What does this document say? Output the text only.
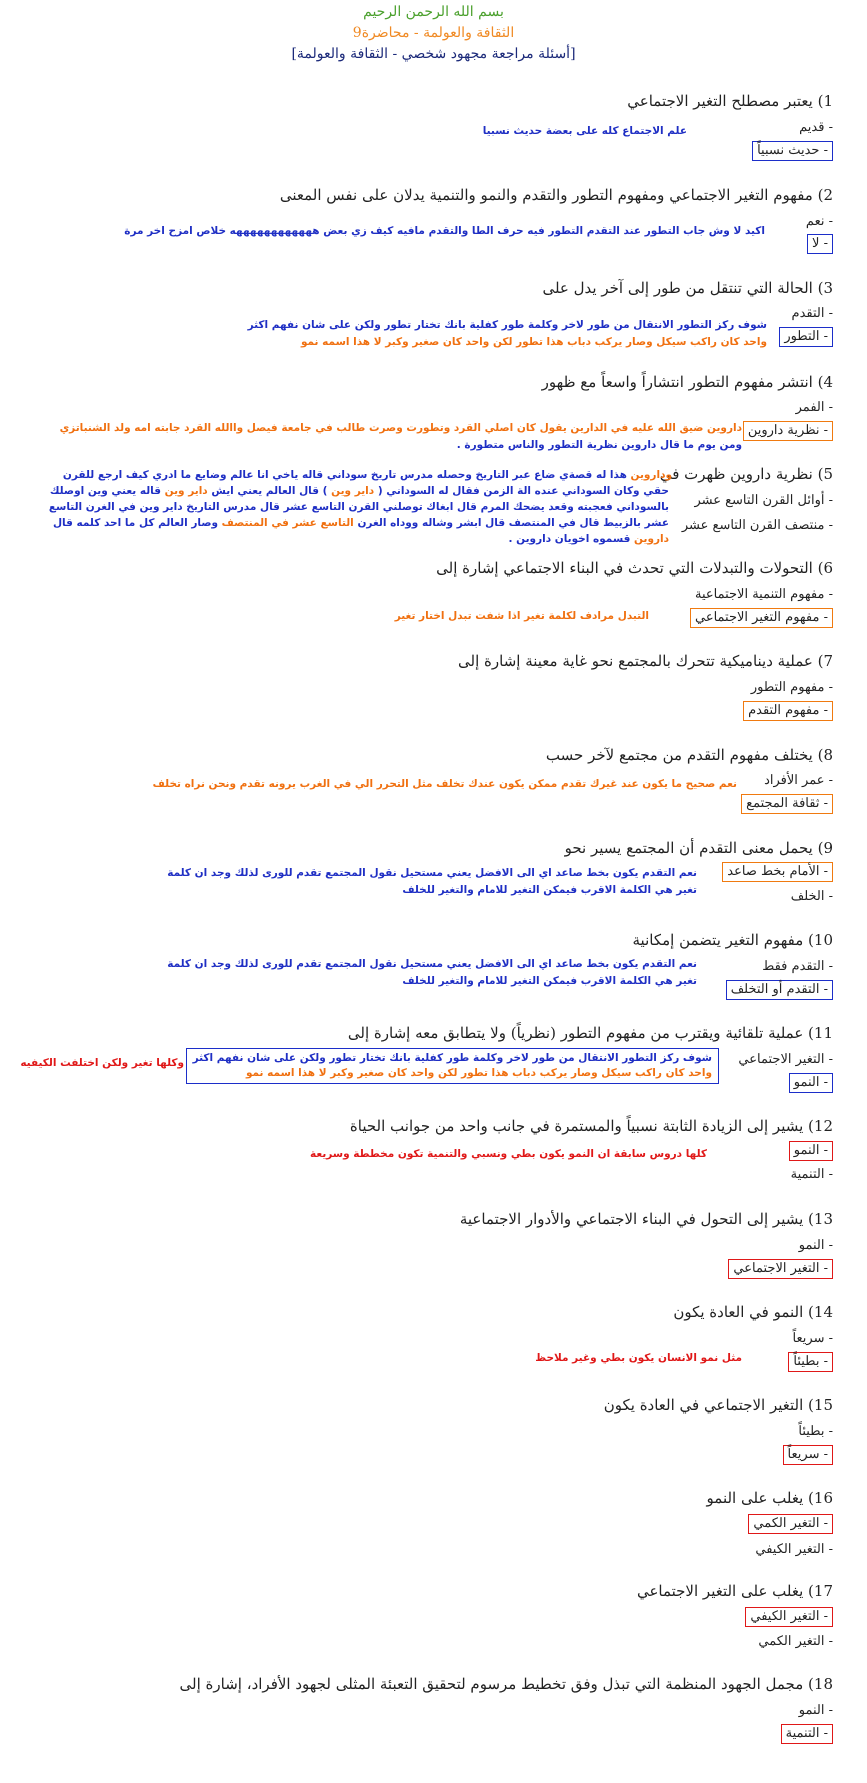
بسم الله الرحمن الرحيم
الثقافة والعولمة - محاضرة9
[أسئلة مراجعة مجهود شخصي - الثقافة والعولمة]
1) يعتبر مصطلح التغير الاجتماعي
- قديم
- حديث نسبياً
علم الاجتماع كله على بعضة حديث نسبيا
2) مفهوم التغير الاجتماعي ومفهوم التطور والتقدم والنمو والتنمية يدلان على نفس المعنى
- نعم
- لا
اكيد لا وش جاب التطور عند التقدم التطور فيه حرف الطا والتقدم مافيه كيف زي بعض ههههههههههههه خلاص امزح اخر مرة
3) الحالة التي تنتقل من طور إلى آخر يدل على
- التقدم
- التطور
شوف ركز التطور الانتقال من طور لاخر وكلمة طور كفلية بانك تختار تطور ولكن على شان نفهم اكثر
واحد كان راكب سيكل وصار يركب دباب هذا تطور لكن واحد كان صغير وكبر لا هذا اسمه نمو
4) انتشر مفهوم التطور انتشاراً واسعاً مع ظهور
- الفمر
- نظرية داروين
داروين ضيق الله عليه في الدارين يقول كان اصلي القرد وتطورت وصرت طالب في جامعة فيصل واالله القرد جابته امه ولد الشنباتزي
ومن يوم ما قال داروين نظرية التطور والناس متطورة .
5) نظرية داروين ظهرت في
- أوائل القرن التاسع عشر
- منتصف القرن التاسع عشر
وداروين هذا له قصةي ضاع عبر التاريخ وحصله مدرس تاريخ سوداني قاله ياخي انا عالم وضايع ما ادري كيف ارجع للقرن
حقي وكان السوداني عنده الة الزمن فقال له السوداني ( داير وين ) قال العالم يعني ايش داير وين قاله يعني وين اوصلك
بالسوداني فعجبته وقعد يضحك المرم قال ابغاك توصلني القرن التاسع عشر قال مدرس التاريخ داير وين في الغرن التاسع
عشر بالزبيط قال في المنتصف قال ابشر وشاله ووداه الغرن التاسع عشر في المنتصف وصار العالم كل ما احد كلمه قال
داروين قسموه اخويان داروين .
6) التحولات والتبدلات التي تحدث في البناء الاجتماعي إشارة إلى
- مفهوم التنمية الاجتماعية
- مفهوم التغير الاجتماعي
التبدل مرادف لكلمة تغير اذا شفت تبدل اختار تغير
7) عملية ديناميكية تتحرك بالمجتمع نحو غاية معينة إشارة إلى
- مفهوم التطور
- مفهوم التقدم
8) يختلف مفهوم التقدم من مجتمع لآخر حسب
- عمر الأفراد
- ثقافة المجتمع
نعم صحيح ما يكون عند غيرك تقدم ممكن يكون عندك تخلف مثل التحرر الي في الغرب يرونه تقدم ونحن نراه تخلف
9) يحمل معنى التقدم أن المجتمع يسير نحو
- الأمام بخط صاعد
- الخلف
نعم التقدم يكون بخط صاعد اي الى الافضل يعني مستحيل نقول المجتمع تقدم للورى لذلك وجد ان كلمة
تغير هي الكلمة الاقرب فيمكن التغير للامام والتغير للخلف
10) مفهوم التغير يتضمن إمكانية
- التقدم فقط
- التقدم أو التخلف
نعم التقدم يكون بخط صاعد اي الى الافضل يعني مستحيل نقول المجتمع تقدم للورى لذلك وجد ان كلمة
تغير هي الكلمة الاقرب فيمكن التغير للامام والتغير للخلف
11) عملية تلقائية ويقترب من مفهوم التطور (نظرياً) ولا يتطابق معه إشارة إلى
- التغير الاجتماعي
- النمو
شوف ركز التطور الانتقال من طور لاخر وكلمة طور كفلية بانك تختار تطور ولكن على شان نفهم اكثر
واحد كان راكب سيكل وصار يركب دباب هذا تطور لكن واحد كان صغير وكبر لا هذا اسمه نمو
وكلها تغير ولكن اختلفت الكيفيه
12) يشير إلى الزيادة الثابتة نسبياً والمستمرة في جانب واحد من جوانب الحياة
- النمو
- التنمية
كلها دروس سابقة ان النمو يكون بطي ونسبي والتنمية تكون مخططة وسريعة
13) يشير إلى التحول في البناء الاجتماعي والأدوار الاجتماعية
- النمو
- التغير الاجتماعي
14) النمو في العادة يكون
- سريعاً
- بطيئاً
مثل نمو الانسان يكون بطي وغير ملاحظ
15) التغير الاجتماعي في العادة يكون
- بطيئاً
- سريعاً
16) يغلب على النمو
- التغير الكمي
- التغير الكيفي
17) يغلب على التغير الاجتماعي
- التغير الكيفي
- التغير الكمي
18) مجمل الجهود المنظمة التي تبذل وفق تخطيط مرسوم لتحقيق التعبئة المثلى لجهود الأفراد، إشارة إلى
- النمو
- التنمية
